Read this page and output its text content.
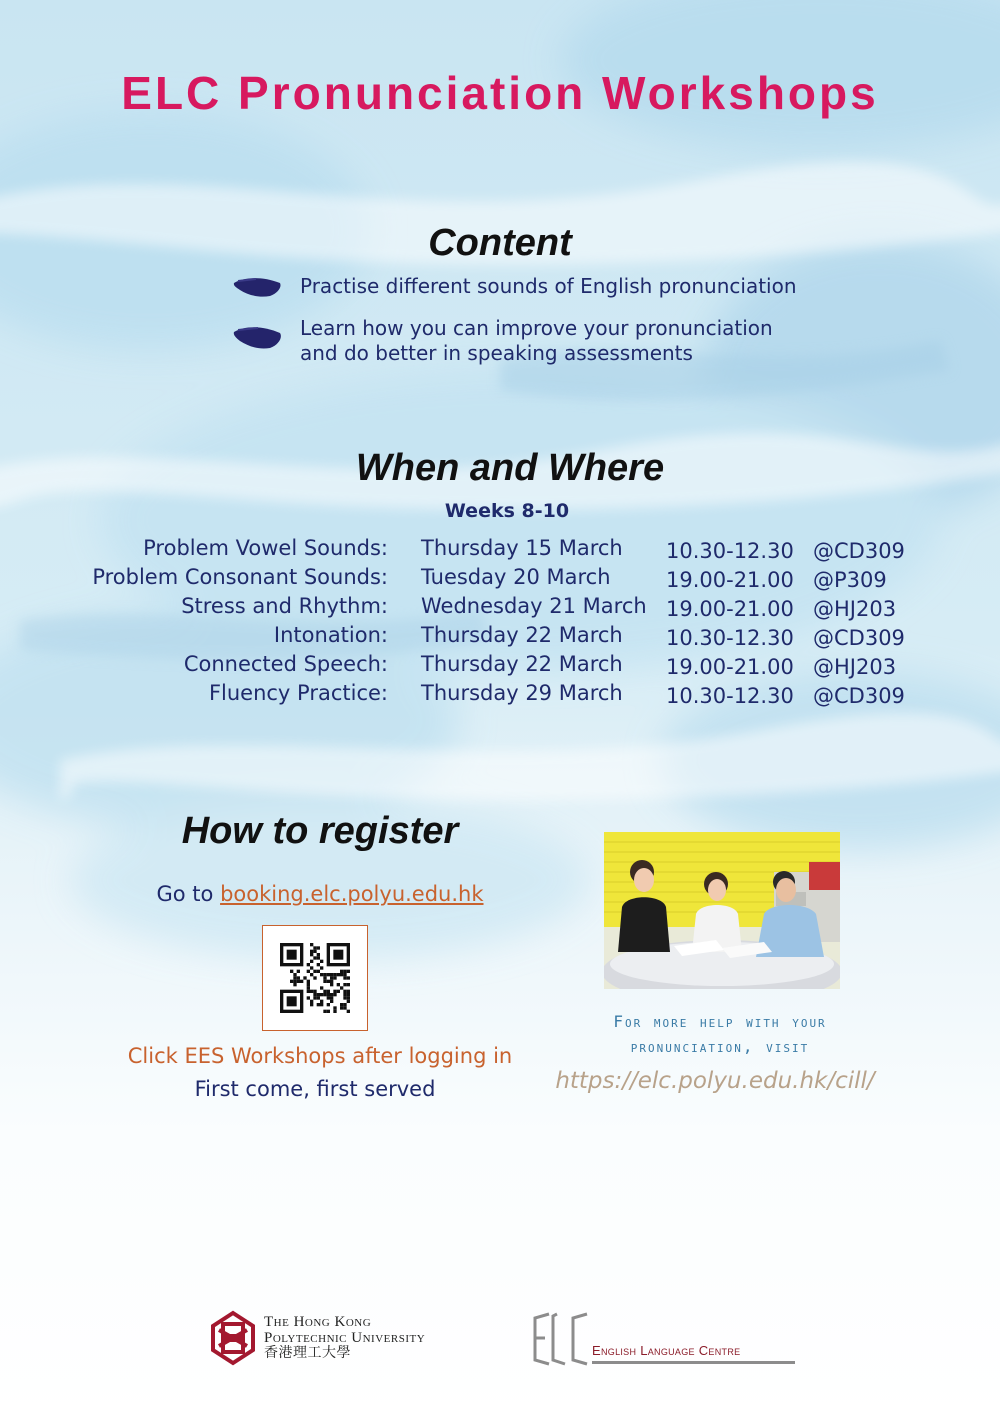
ELC Pronunciation Workshops
Content
Practise different sounds of English pronunciation
Learn how you can improve your pronunciation
and do better in speaking assessments
When and Where
Weeks 8-10
Problem Vowel Sounds: Thursday 15 March 10.30-12.30 @CD309
Problem Consonant Sounds: Tuesday 20 March	19.00-21.00 @P309
Stress and Rhythm: Wednesday 21 March 19.00-21.00 @HJ203
Intonation: Thursday 22 March 10.30-12.30 @CD309
Connected Speech: Thursday 22 March 19.00-21.00 @HJ203
Fluency Practice: Thursday 29 March 10.30-12.30 @CD309
How to register
Go to booking.elc.polyu.edu.hk
Click EES Workshops after logging in
First come, first served
For more help with your
pronunciation, visit
https://elc.polyu.edu.hk/cill/
The Hong Kong
Polytechnic University
香港理工大學	English Language Centre
